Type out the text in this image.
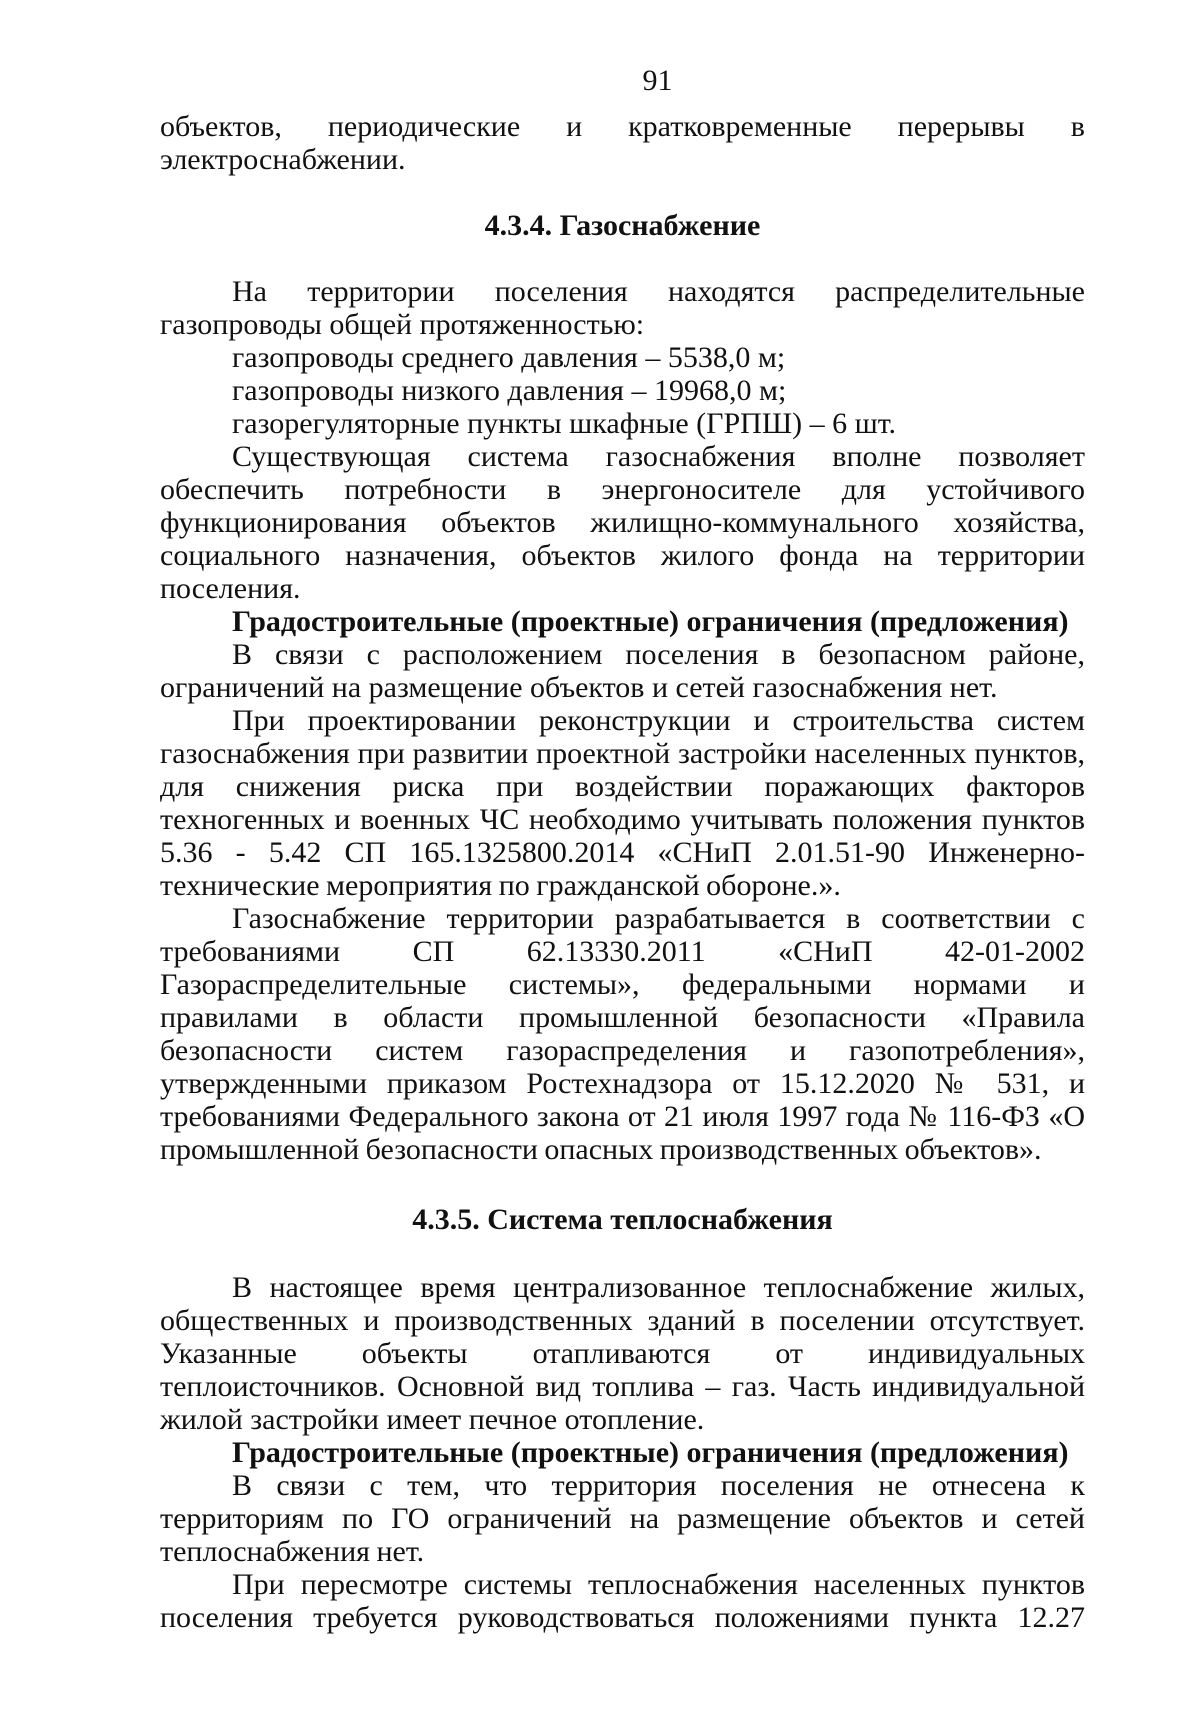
91

объектов, периодические и кратковременные перерывы в

электроснабжении.

4.3.4. Газоснабжение

На территории поселения находятся распределительные газопроводы общей протяженностью:

газопроводы среднего давления – 5538,0 м;

газопроводы низкого давления – 19968,0 м;

газорегуляторные пункты шкафные (ГРПШ) – 6 шт.

Существующая система газоснабжения вполне позволяет обеспечить потребности в энергоносителе для устойчивого функционирования объектов жилищно-коммунального хозяйства, социального назначения, объектов жилого фонда на территории поселения.

Градостроительные (проектные) ограничения (предложения)

В связи с расположением поселения в безопасном районе, ограничений на размещение объектов и сетей газоснабжения нет.

При проектировании реконструкции и строительства систем газоснабжения при развитии проектной застройки населенных пунктов, для снижения риска при воздействии поражающих факторов техногенных и военных ЧС необходимо учитывать положения пунктов 5.36 - 5.42 СП 165.1325800.2014 «СНиП 2.01.51-90 Инженерно-технические мероприятия по гражданской обороне.».

Газоснабжение территории разрабатывается в соответствии с

требованиями СП 62.13330.2011 «СНиП 42-01-2002

Газораспределительные системы», федеральными нормами и правилами в области промышленной безопасности «Правила безопасности систем газораспределения и газопотребления», утвержденными приказом Ростехнадзора от 15.12.2020 № 531, и требованиями Федерального закона от 21 июля 1997 года № 116-ФЗ «О промышленной безопасности опасных производственных объектов».

4.3.5. Система теплоснабжения

В настоящее время централизованное теплоснабжение жилых, общественных и производственных зданий в поселении отсутствует. Указанные объекты отапливаются от индивидуальных теплоисточников. Основной вид топлива – газ. Часть индивидуальной жилой застройки имеет печное отопление.

Градостроительные (проектные) ограничения (предложения)

В связи с тем, что территория поселения не отнесена к территориям по ГО ограничений на размещение объектов и сетей теплоснабжения нет.

При пересмотре системы теплоснабжения населенных пунктов поселения требуется руководствоваться положениями пункта 12.27
